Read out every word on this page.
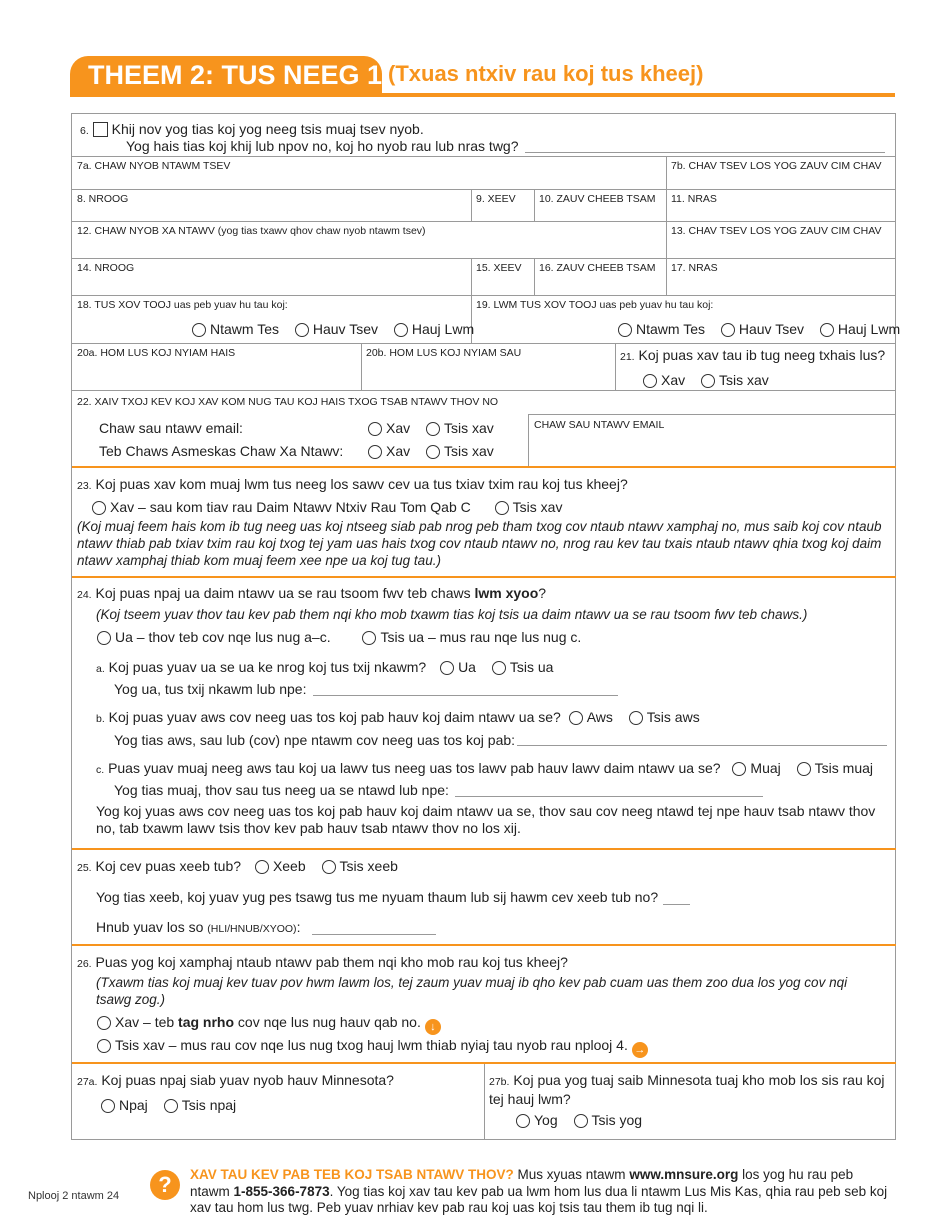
THEEM 2: TUS NEEG 1 (Txuas ntxiv rau koj tus kheej)
6. Khij nov yog tias koj yog neeg tsis muaj tsev nyob.
Yog hais tias koj khij lub npov no, koj ho nyob rau lub nras twg?
7a. CHAW NYOB NTAWM TSEV	7b. CHAV TSEV LOS YOG ZAUV CIM CHAV
8. NROOG	9. XEEV 10. ZAUV CHEEB TSAM 11. NRAS
12. CHAW NYOB XA NTAWV (yog tias txawv qhov chaw nyob ntawm tsev)	13. CHAV TSEV LOS YOG ZAUV CIM CHAV
14. NROOG	15. XEEV 16. ZAUV CHEEB TSAM 17. NRAS
18. TUS XOV TOOJ uas peb yuav hu tau koj:
Ntawm Tes Hauv Tsev Hauj Lwm
19. LWM TUS XOV TOOJ uas peb yuav hu tau koj:
Ntawm Tes Hauv Tsev Hauj Lwm
20a. HOM LUS KOJ NYIAM HAIS	20b. HOM LUS KOJ NYIAM SAU	21. Koj puas xav tau ib tug neeg txhais lus?
Xav Tsis xav
22. XAIV TXOJ KEV KOJ XAV KOM NUG TAU KOJ HAIS TXOG TSAB NTAWV THOV NO
Chaw sau ntawv email:	Xav Tsis xav
Teb Chaws Asmeskas Chaw Xa Ntawv:	Xav Tsis xav
CHAW SAU NTAWV EMAIL
23. Koj puas xav kom muaj lwm tus neeg los sawv cev ua tus txiav txim rau koj tus kheej?
Xav – sau kom tiav rau Daim Ntawv Ntxiv Rau Tom Qab C	Tsis xav
(Koj muaj feem hais kom ib tug neeg uas koj ntseeg siab pab nrog peb tham txog cov ntaub ntawv xamphaj no, mus saib koj cov ntaub ntawv thiab pab txiav txim rau koj txog tej yam uas hais txog cov ntaub ntawv no, nrog rau kev tau txais ntaub ntawv qhia txog koj daim ntawv xamphaj thiab kom muaj feem xee npe ua koj tug tau.)
24. Koj puas npaj ua daim ntawv ua se rau tsoom fwv teb chaws lwm xyoo?
(Koj tseem yuav thov tau kev pab them nqi kho mob txawm tias koj tsis ua daim ntawv ua se rau tsoom fwv teb chaws.)
Ua – thov teb cov nqe lus nug a–c.	Tsis ua – mus rau nqe lus nug c.
a. Koj puas yuav ua se ua ke nrog koj tus txij nkawm? Ua Tsis ua
Yog ua, tus txij nkawm lub npe:
b. Koj puas yuav aws cov neeg uas tos koj pab hauv koj daim ntawv ua se? Aws Tsis aws
Yog tias aws, sau lub (cov) npe ntawm cov neeg uas tos koj pab:
c. Puas yuav muaj neeg aws tau koj ua lawv tus neeg uas tos lawv pab hauv lawv daim ntawv ua se? Muaj Tsis muaj
Yog tias muaj, thov sau tus neeg ua se ntawd lub npe:
Yog koj yuas aws cov neeg uas tos koj pab hauv koj daim ntawv ua se, thov sau cov neeg ntawd tej npe hauv tsab ntawv thov no, tab txawm lawv tsis thov kev pab hauv tsab ntawv thov no los xij.
25. Koj cev puas xeeb tub? Xeeb Tsis xeeb
Yog tias xeeb, koj yuav yug pes tsawg tus me nyuam thaum lub sij hawm cev xeeb tub no?
Hnub yuav los so (HLI/HNUB/XYOO):
26. Puas yog koj xamphaj ntaub ntawv pab them nqi kho mob rau koj tus kheej?
(Txawm tias koj muaj kev tuav pov hwm lawm los, tej zaum yuav muaj ib qho kev pab cuam uas them zoo dua los yog cov nqi tsawg zog.)
Xav – teb tag nrho cov nqe lus nug hauv qab no. ↓
Tsis xav – mus rau cov nqe lus nug txog hauj lwm thiab nyiaj tau nyob rau nplooj 4. →
27a. Koj puas npaj siab yuav nyob hauv Minnesota?
Npaj Tsis npaj
27b. Koj pua yog tuaj saib Minnesota tuaj kho mob los sis rau koj tej hauj lwm?
Yog Tsis yog
?	XAV TAU KEV PAB TEB KOJ TSAB NTAWV THOV? Mus xyuas ntawm www.mnsure.org los yog hu rau peb ntawm 1-855-366-7873. Yog tias koj xav tau kev pab ua lwm hom lus dua li ntawm Lus Mis Kas, qhia rau peb seb koj xav tau hom lus twg. Peb yuav nrhiav kev pab rau koj uas koj tsis tau them ib tug nqi li.
Nplooj 2 ntawm 24
